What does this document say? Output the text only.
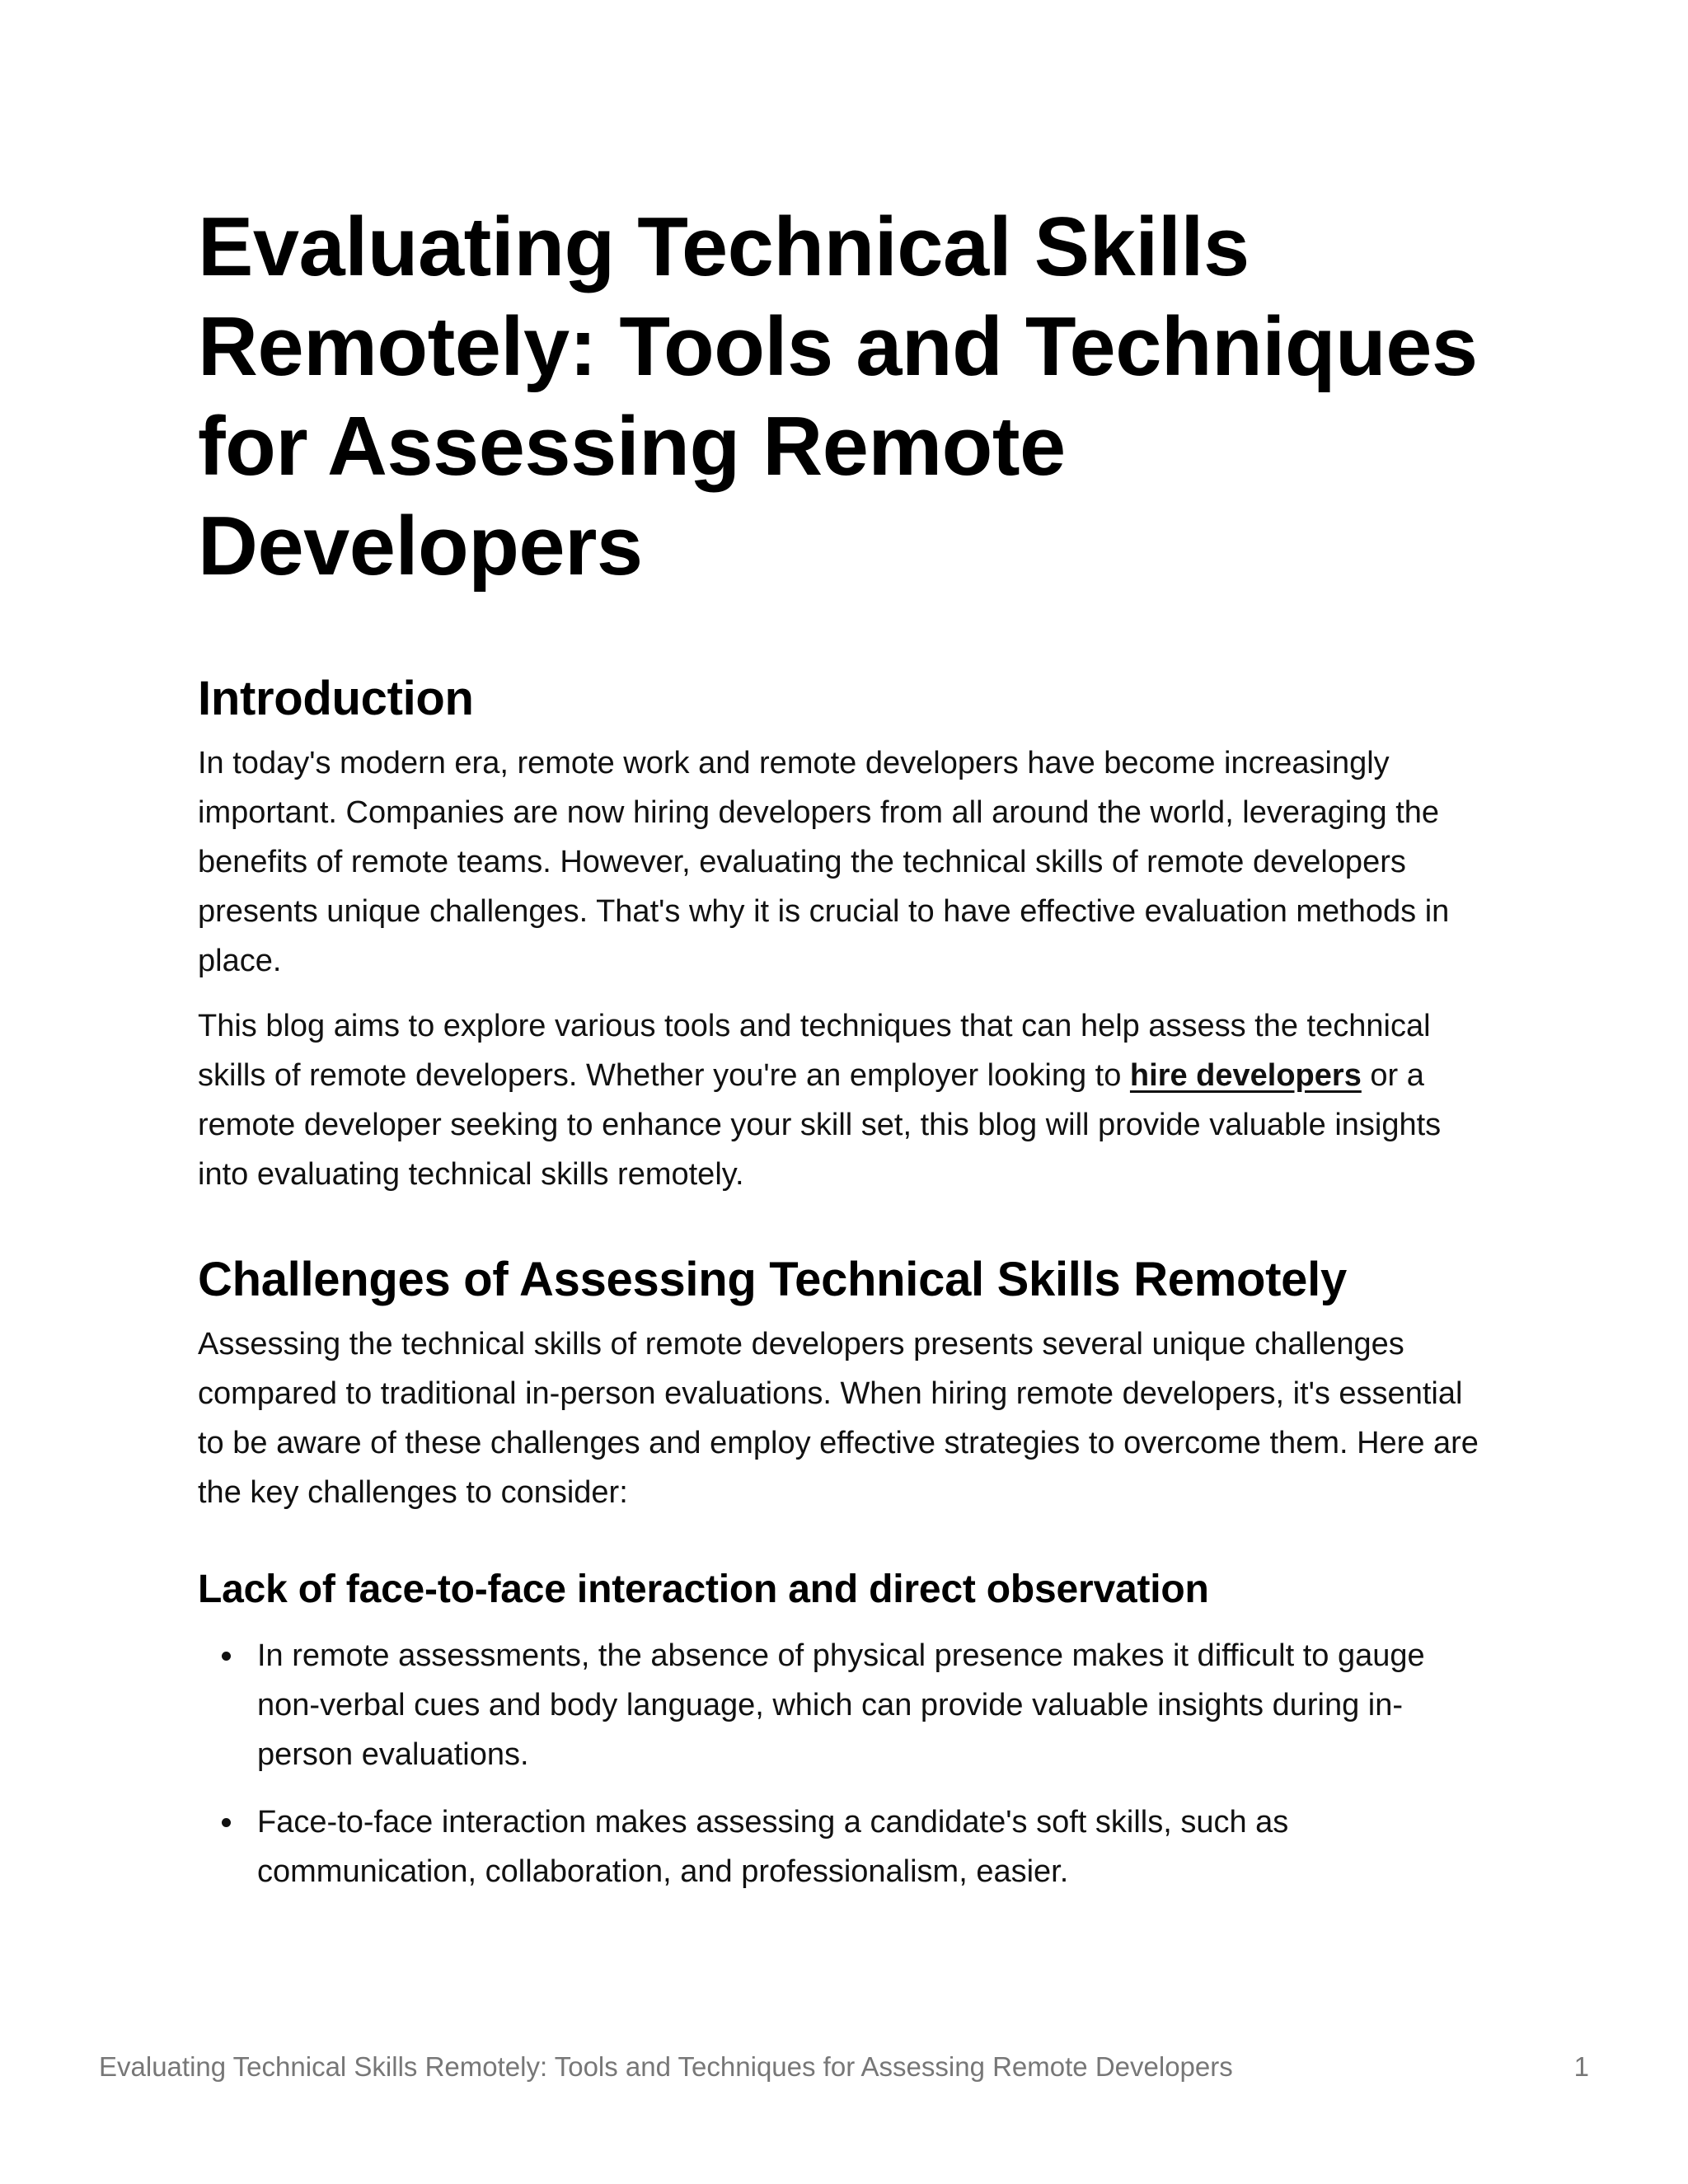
Evaluating Technical Skills Remotely: Tools and Techniques for Assessing Remote Developers
Introduction

In today's modern era, remote work and remote developers have become increasingly important. Companies are now hiring developers from all around the world, leveraging the benefits of remote teams. However, evaluating the technical skills of remote developers presents unique challenges. That's why it is crucial to have effective evaluation methods in place.

This blog aims to explore various tools and techniques that can help assess the technical skills of remote developers. Whether you're an employer looking to hire developers or a remote developer seeking to enhance your skill set, this blog will provide valuable insights into evaluating technical skills remotely.

Challenges of Assessing Technical Skills Remotely

Assessing the technical skills of remote developers presents several unique challenges compared to traditional in-person evaluations. When hiring remote developers, it's essential to be aware of these challenges and employ effective strategies to overcome them. Here are the key challenges to consider:

Lack of face-to-face interaction and direct observation
In remote assessments, the absence of physical presence makes it difficult to gauge non-verbal cues and body language, which can provide valuable insights during in-person evaluations.
Face-to-face interaction makes assessing a candidate's soft skills, such as communication, collaboration, and professionalism, easier.
Evaluating Technical Skills Remotely: Tools and Techniques for Assessing Remote Developers	1
